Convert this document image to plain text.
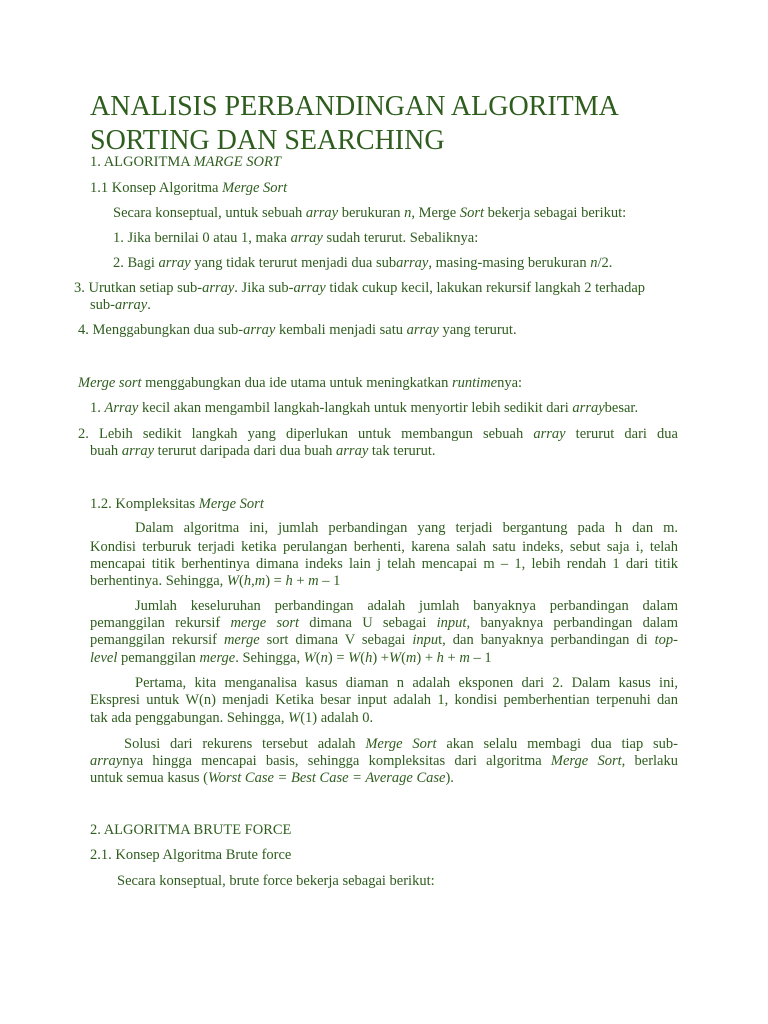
ANALISIS PERBANDINGAN ALGORITMA
SORTING DAN SEARCHING
1. ALGORITMA MARGE SORT
1.1 Konsep Algoritma Merge Sort
Secara konseptual, untuk sebuah array berukuran n, Merge Sort bekerja sebagai berikut:
1. Jika bernilai 0 atau 1, maka array sudah terurut. Sebaliknya:
2. Bagi array yang tidak terurut menjadi dua subarray, masing-masing berukuran n/2.
3. Urutkan setiap sub-array. Jika sub-array tidak cukup kecil, lakukan rekursif langkah 2 terhadap
sub-array.
4. Menggabungkan dua sub-array kembali menjadi satu array yang terurut.
Merge sort menggabungkan dua ide utama untuk meningkatkan runtimenya:
1. Array kecil akan mengambil langkah-langkah untuk menyortir lebih sedikit dari arraybesar.
2. Lebih sedikit langkah yang diperlukan untuk membangun sebuah array terurut dari dua
buah array terurut daripada dari dua buah array tak terurut.
1.2. Kompleksitas Merge Sort
Dalam algoritma ini, jumlah perbandingan yang terjadi bergantung pada h dan m.
Kondisi terburuk terjadi ketika perulangan berhenti, karena salah satu indeks, sebut saja i, telah
mencapai titik berhentinya dimana indeks lain j telah mencapai m – 1, lebih rendah 1 dari titik
berhentinya. Sehingga, W(h,m) = h + m – 1
Jumlah keseluruhan perbandingan adalah jumlah banyaknya perbandingan dalam
pemanggilan rekursif merge sort dimana U sebagai input, banyaknya perbandingan dalam
pemanggilan rekursif merge sort dimana V sebagai input, dan banyaknya perbandingan di top-
level pemanggilan merge. Sehingga, W(n) = W(h) +W(m) + h + m – 1
Pertama, kita menganalisa kasus diaman n adalah eksponen dari 2. Dalam kasus ini,
Ekspresi untuk W(n) menjadi Ketika besar input adalah 1, kondisi pemberhentian terpenuhi dan
tak ada penggabungan. Sehingga, W(1) adalah 0.
Solusi dari rekurens tersebut adalah Merge Sort akan selalu membagi dua tiap sub-
arraynya hingga mencapai basis, sehingga kompleksitas dari algoritma Merge Sort, berlaku
untuk semua kasus (Worst Case = Best Case = Average Case).
2. ALGORITMA BRUTE FORCE
2.1. Konsep Algoritma Brute force
Secara konseptual, brute force bekerja sebagai berikut:
